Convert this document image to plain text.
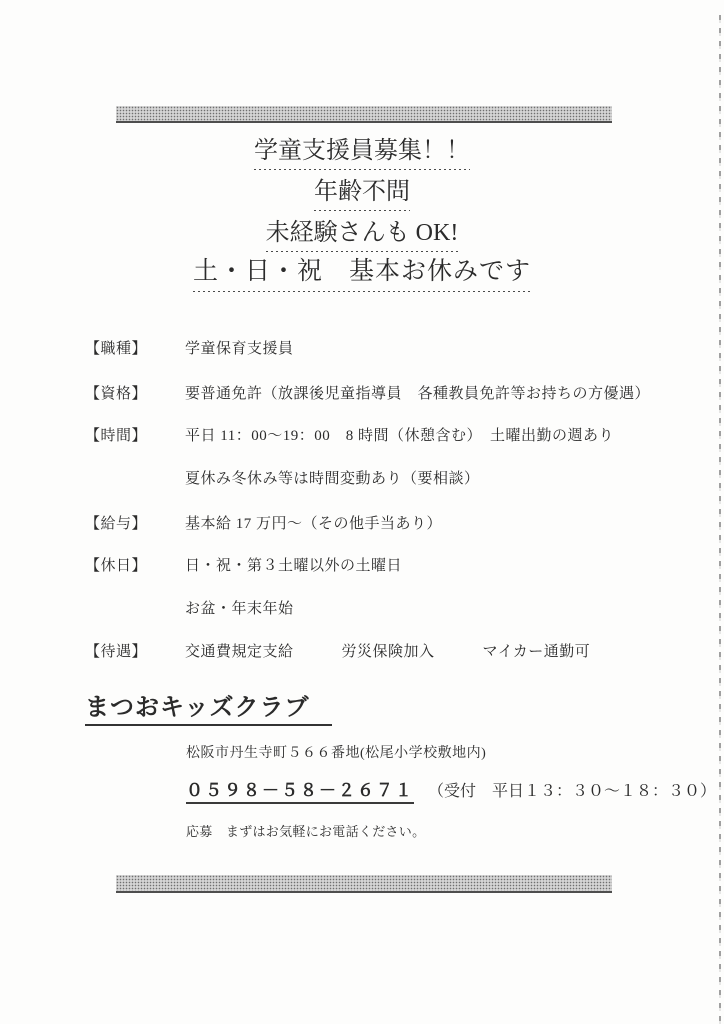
学童支援員募集！！
年齢不問
未経験さんも OK!
土・日・祝　基本お休みです
【職種】	学童保育支援員
【資格】	要普通免許（放課後児童指導員　各種教員免許等お持ちの方優遇）
【時間】	平日 11：00～19：00　8 時間（休憩含む）　土曜出勤の週あり
夏休み冬休み等は時間変動あり（要相談）
【給与】	基本給 17 万円～（その他手当あり）
【休日】	日・祝・第３土曜以外の土曜日
お盆・年末年始
【待遇】	交通費規定支給	労災保険加入	マイカー通勤可
まつおキッズクラブ
松阪市丹生寺町５６６番地(松尾小学校敷地内)
０５９８－５８－２６７１ （受付　平日１３：３０～１８：３０）
応募　まずはお気軽にお電話ください。
